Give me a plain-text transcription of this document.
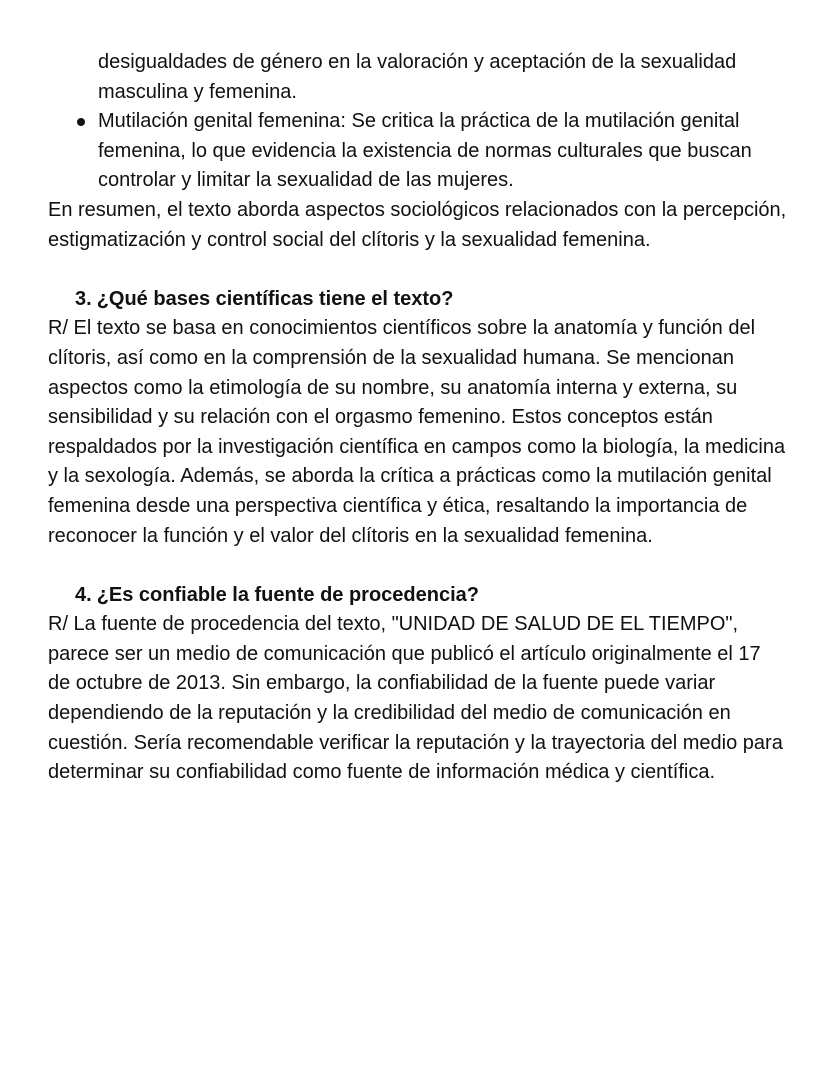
desigualdades de género en la valoración y aceptación de la sexualidad masculina y femenina.
Mutilación genital femenina: Se critica la práctica de la mutilación genital femenina, lo que evidencia la existencia de normas culturales que buscan controlar y limitar la sexualidad de las mujeres.

En resumen, el texto aborda aspectos sociológicos relacionados con la percepción, estigmatización y control social del clítoris y la sexualidad femenina.

3. ¿Qué bases científicas tiene el texto?

R/ El texto se basa en conocimientos científicos sobre la anatomía y función del clítoris, así como en la comprensión de la sexualidad humana. Se mencionan aspectos como la etimología de su nombre, su anatomía interna y externa, su sensibilidad y su relación con el orgasmo femenino. Estos conceptos están respaldados por la investigación científica en campos como la biología, la medicina y la sexología. Además, se aborda la crítica a prácticas como la mutilación genital femenina desde una perspectiva científica y ética, resaltando la importancia de reconocer la función y el valor del clítoris en la sexualidad femenina.

4. ¿Es confiable la fuente de procedencia?

R/ La fuente de procedencia del texto, "UNIDAD DE SALUD DE EL TIEMPO", parece ser un medio de comunicación que publicó el artículo originalmente el 17 de octubre de 2013. Sin embargo, la confiabilidad de la fuente puede variar dependiendo de la reputación y la credibilidad del medio de comunicación en cuestión. Sería recomendable verificar la reputación y la trayectoria del medio para determinar su confiabilidad como fuente de información médica y científica.
